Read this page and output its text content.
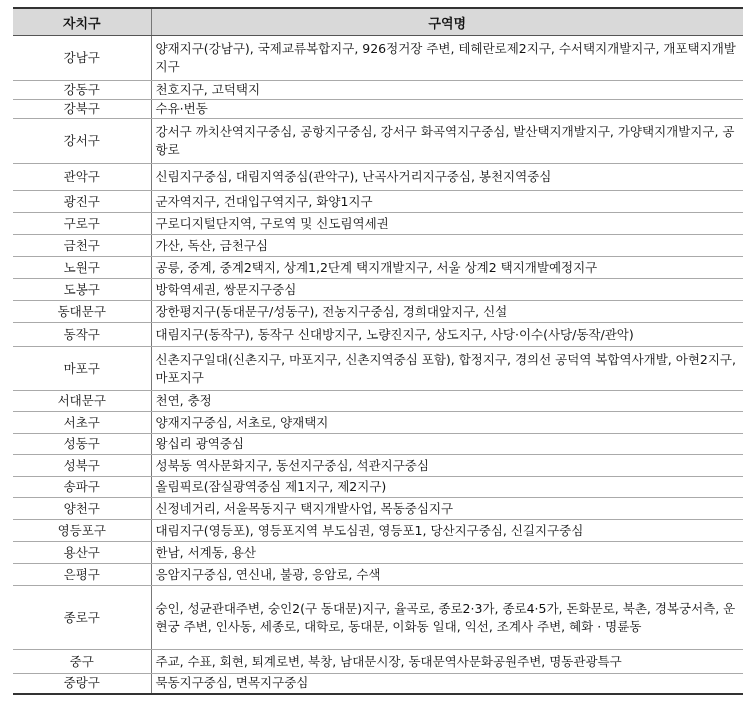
자치구	구역명
강남구	양재지구(강남구), 국제교류복합지구, 926정거장 주변, 테헤란로제2지구, 수서택지개발지구, 개포택지개발지구
강동구	천호지구, 고덕택지
강북구	수유·번동
강서구	강서구 까치산역지구중심, 공항지구중심, 강서구 화곡역지구중심, 발산택지개발지구, 가양택지개발지구, 공항로
관악구	신림지구중심, 대림지역중심(관악구), 난곡사거리지구중심, 봉천지역중심
광진구	군자역지구, 건대입구역지구, 화양1지구
구로구	구로디지털단지역, 구로역 및 신도림역세권
금천구	가산, 독산, 금천구심
노원구	공릉, 중계, 중계2택지, 상계1,2단계 택지개발지구, 서울 상계2 택지개발예정지구
도봉구	방학역세권, 쌍문지구중심
동대문구	장한평지구(동대문구/성동구), 전농지구중심, 경희대앞지구, 신설
동작구	대림지구(동작구), 동작구 신대방지구, 노량진지구, 상도지구, 사당·이수(사당/동작/관악)
마포구	신촌지구일대(신촌지구, 마포지구, 신촌지역중심 포함), 합정지구, 경의선 공덕역 복합역사개발, 아현2지구, 마포지구
서대문구	천연, 충정
서초구	양재지구중심, 서초로, 양재택지
성동구	왕십리 광역중심
성북구	성북동 역사문화지구, 동선지구중심, 석관지구중심
송파구	올림픽로(잠실광역중심 제1지구, 제2지구)
양천구	신정네거리, 서울목동지구 택지개발사업, 목동중심지구
영등포구	대림지구(영등포), 영등포지역 부도심권, 영등포1, 당산지구중심, 신길지구중심
용산구	한남, 서계동, 용산
은평구	응암지구중심, 연신내, 불광, 응암로, 수색
종로구	숭인, 성균관대주변, 숭인2(구 동대문)지구, 율곡로, 종로2·3가, 종로4·5가, 돈화문로, 북촌, 경복궁서측, 운현궁 주변, 인사동, 세종로, 대학로, 동대문, 이화동 일대, 익선, 조계사 주변, 혜화 · 명륜동
중구	주교, 수표, 회현, 퇴계로변, 북창, 남대문시장, 동대문역사문화공원주변, 명동관광특구
중랑구	묵동지구중심, 면목지구중심
